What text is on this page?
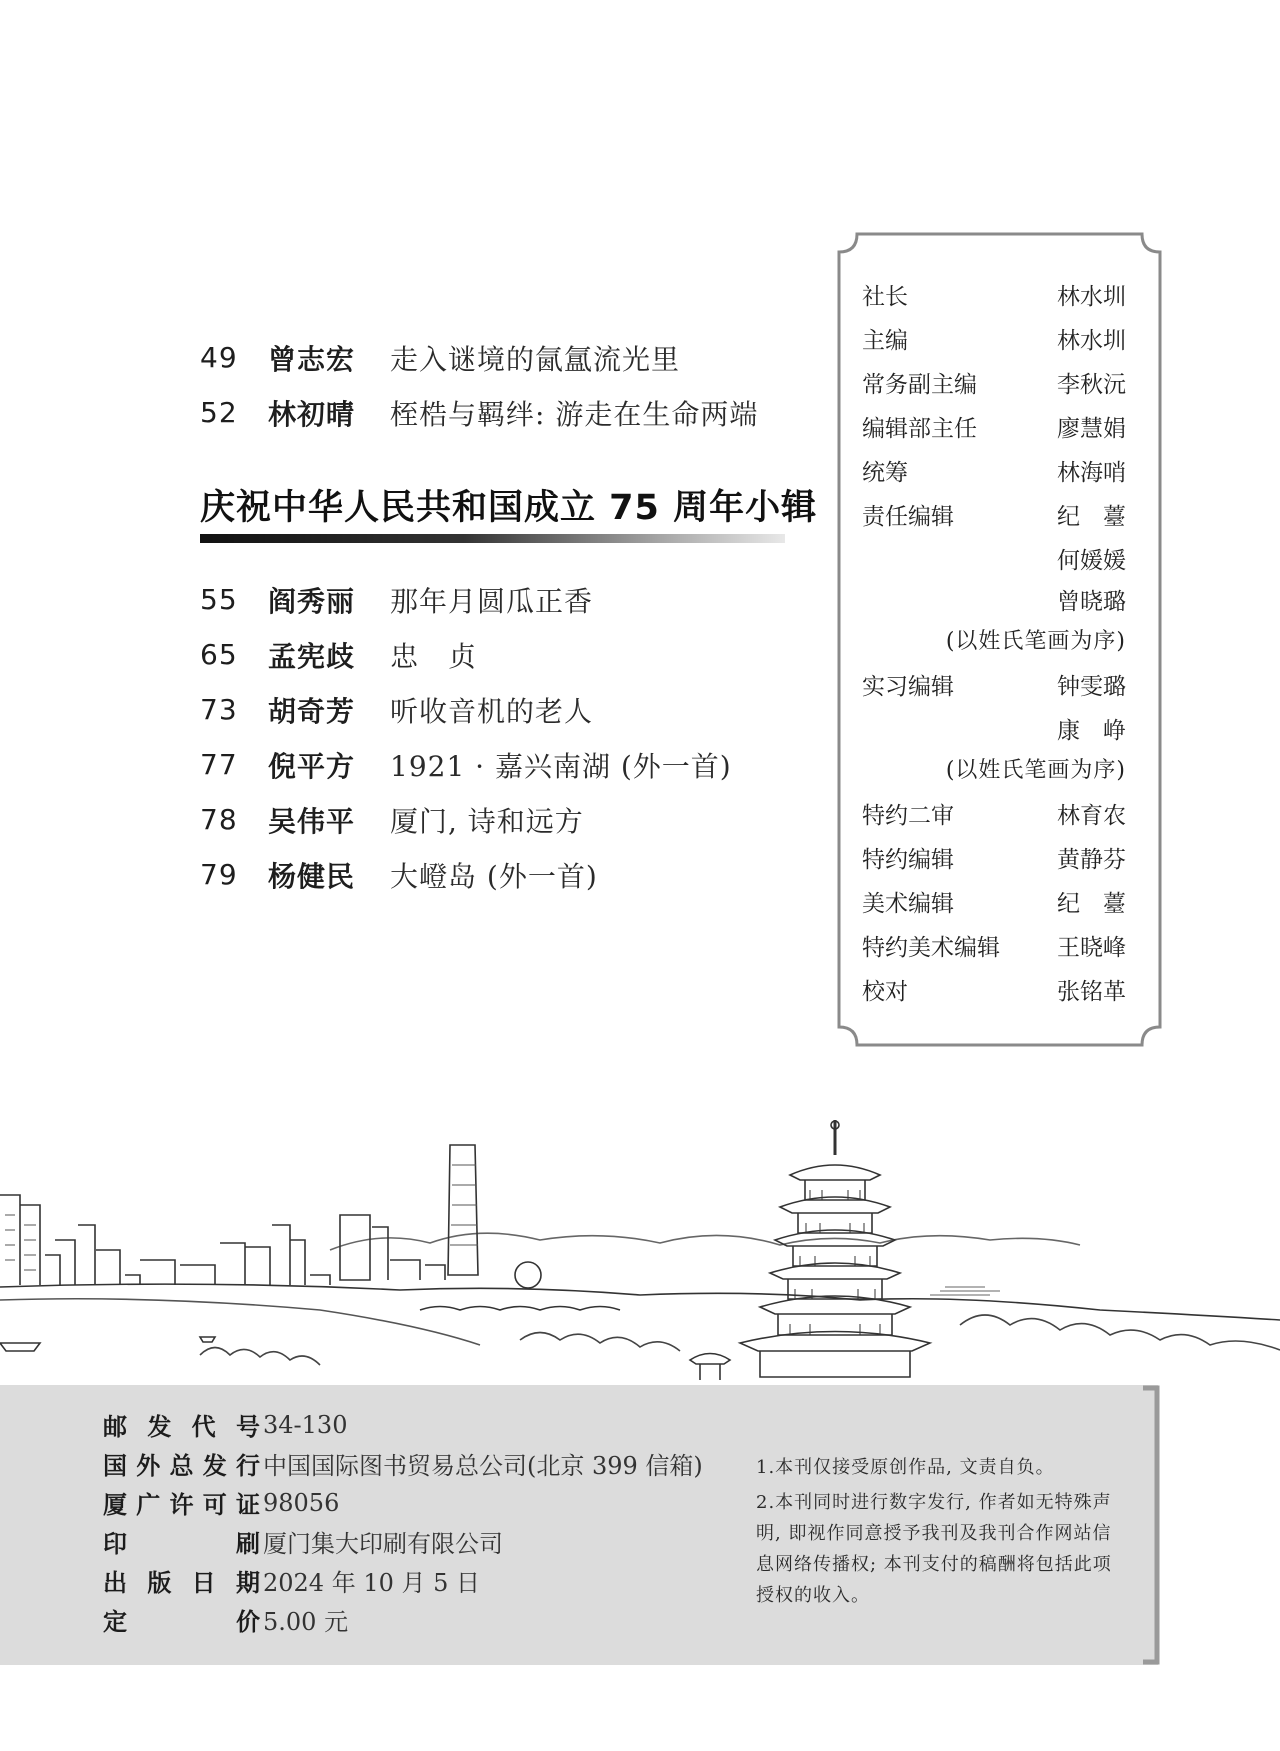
49	曾志宏	走入谜境的氤氲流光里
52	林初晴	桎梏与羁绊: 游走在生命两端
庆祝中华人民共和国成立 75 周年小辑
55	阎秀丽	那年月圆瓜正香
65	孟宪歧	忠　贞
73	胡奇芳	听收音机的老人
77	倪平方	1921 · 嘉兴南湖 (外一首)
78	吴伟平	厦门, 诗和远方
79	杨健民	大嶝岛 (外一首)
社长	林水圳
主编	林水圳
常务副主编	李秋沅
编辑部主任	廖慧娟
统筹	林海哨
责任编辑	纪　薹
何媛媛
曾晓璐
(以姓氏笔画为序)
实习编辑	钟雯璐
康　峥
(以姓氏笔画为序)
特约二审	林育农
特约编辑	黄静芬
美术编辑	纪　薹
特约美术编辑 王晓峰
校对	张铭革
邮 发 代 号 34-130
国 外 总 发 行 中国国际图书贸易总公司(北京 399 信箱)
厦 广 许 可 证 98056
印	刷 厦门集大印刷有限公司
出 版 日 期 2024 年 10 月 5 日
定	价 5.00 元
1.本刊仅接受原创作品, 文责自负。
2.本刊同时进行数字发行, 作者如无特殊声明, 即视作同意授予我刊及我刊合作网站信息网络传播权; 本刊支付的稿酬将包括此项授权的收入。
